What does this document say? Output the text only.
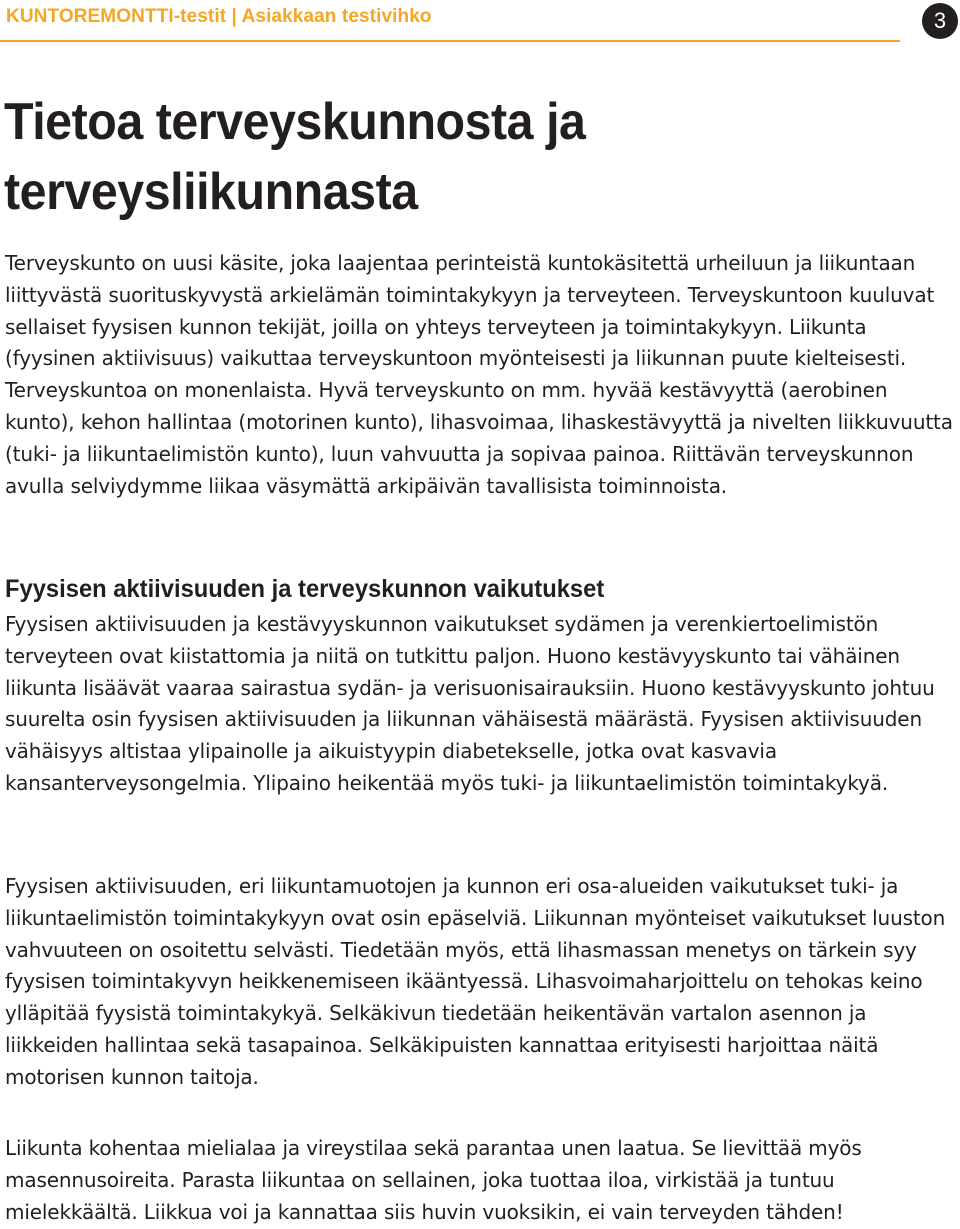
KUNTOREMONTTI-testit | Asiakkaan testivihko	3
Tietoa terveyskunnosta ja terveysliikunnasta

Terveyskunto on uusi käsite, joka laajentaa perinteistä kuntokäsitettä urheiluun ja liikuntaan liittyvästä suorituskyvystä arkielämän toimintakykyyn ja terveyteen. Terveyskuntoon kuuluvat sellaiset fyysisen kunnon tekijät, joilla on yhteys terveyteen ja toimintakykyyn. Liikunta (fyysinen aktiivisuus) vaikuttaa terveyskuntoon myönteisesti ja liikunnan puute kielteisesti. Terveyskuntoa on monenlaista. Hyvä terveyskunto on mm. hyvää kestävyyttä (aerobinen kunto), kehon hallintaa (motorinen kunto), lihasvoimaa, lihaskestävyyttä ja nivelten liikkuvuutta (tuki- ja liikuntaelimistön kunto), luun vahvuutta ja sopivaa painoa. Riittävän terveyskunnon avulla selviydymme liikaa väsymättä arkipäivän tavallisista toiminnoista.

Fyysisen aktiivisuuden ja terveyskunnon vaikutukset

Fyysisen aktiivisuuden ja kestävyyskunnon vaikutukset sydämen ja verenkiertoelimistön terveyteen ovat kiistattomia ja niitä on tutkittu paljon. Huono kestävyyskunto tai vähäinen liikunta lisäävät vaaraa sairastua sydän- ja verisuonisairauksiin. Huono kestävyyskunto johtuu suurelta osin fyysisen aktiivisuuden ja liikunnan vähäisestä määrästä. Fyysisen aktiivisuuden vähäisyys altistaa ylipainolle ja aikuistyypin diabetekselle, jotka ovat kasvavia kansanterveysongelmia. Ylipaino heikentää myös tuki- ja liikuntaelimistön toimintakykyä.

Fyysisen aktiivisuuden, eri liikuntamuotojen ja kunnon eri osa-alueiden vaikutukset tuki- ja liikuntaelimistön toimintakykyyn ovat osin epäselviä. Liikunnan myönteiset vaikutukset luuston vahvuuteen on osoitettu selvästi. Tiedetään myös, että lihasmassan menetys on tärkein syy fyysisen toimintakyvyn heikkenemiseen ikääntyessä. Lihasvoimaharjoittelu on tehokas keino ylläpitää fyysistä toimintakykyä. Selkäkivun tiedetään heikentävän vartalon asennon ja liikkeiden hallintaa sekä tasapainoa. Selkäkipuisten kannattaa erityisesti harjoittaa näitä motorisen kunnon taitoja.

Liikunta kohentaa mielialaa ja vireystilaa sekä parantaa unen laatua. Se lievittää myös masennusoireita. Parasta liikuntaa on sellainen, joka tuottaa iloa, virkistää ja tuntuu mielekkäältä. Liikkua voi ja kannattaa siis huvin vuoksikin, ei vain terveyden tähden!
